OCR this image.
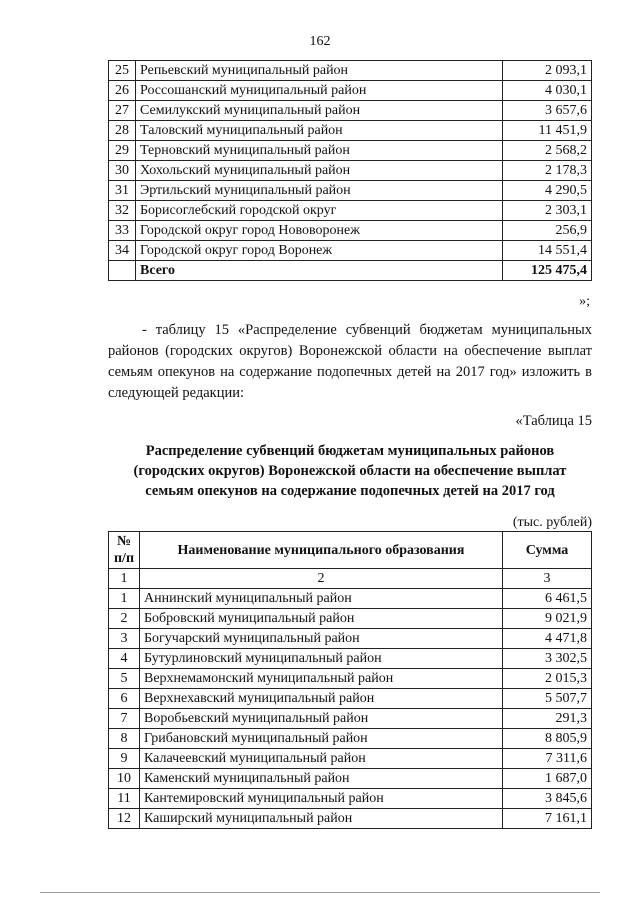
162
25	Репьевский муниципальный район	2 093,1
26	Россошанский муниципальный район	4 030,1
27	Семилукский муниципальный район	3 657,6
28	Таловский муниципальный район	11 451,9
29	Терновский муниципальный район	2 568,2
30	Хохольский муниципальный район	2 178,3
31	Эртильский муниципальный район	4 290,5
32	Борисоглебский городской округ	2 303,1
33	Городской округ город Нововоронеж	256,9
34	Городской округ город Воронеж	14 551,4
	Всего	125 475,4
»;
- таблицу 15 «Распределение субвенций бюджетам муниципальных районов (городских округов) Воронежской области на обеспечение выплат семьям опекунов на содержание подопечных детей на 2017 год» изложить в следующей редакции:
«Таблица 15
Распределение субвенций бюджетам муниципальных районов
(городских округов) Воронежской области на обеспечение выплат
семьям опекунов на содержание подопечных детей на 2017 год
(тыс. рублей)
№ п/п	Наименование муниципального образования	Сумма
1	2	3
1	Аннинский муниципальный район	6 461,5
2	Бобровский муниципальный район	9 021,9
3	Богучарский муниципальный район	4 471,8
4	Бутурлиновский муниципальный район	3 302,5
5	Верхнемамонский муниципальный район	2 015,3
6	Верхнехавский муниципальный район	5 507,7
7	Воробьевский муниципальный район	291,3
8	Грибановский муниципальный район	8 805,9
9	Калачеевский муниципальный район	7 311,6
10	Каменский муниципальный район	1 687,0
11	Кантемировский муниципальный район	3 845,6
12	Каширский муниципальный район	7 161,1
